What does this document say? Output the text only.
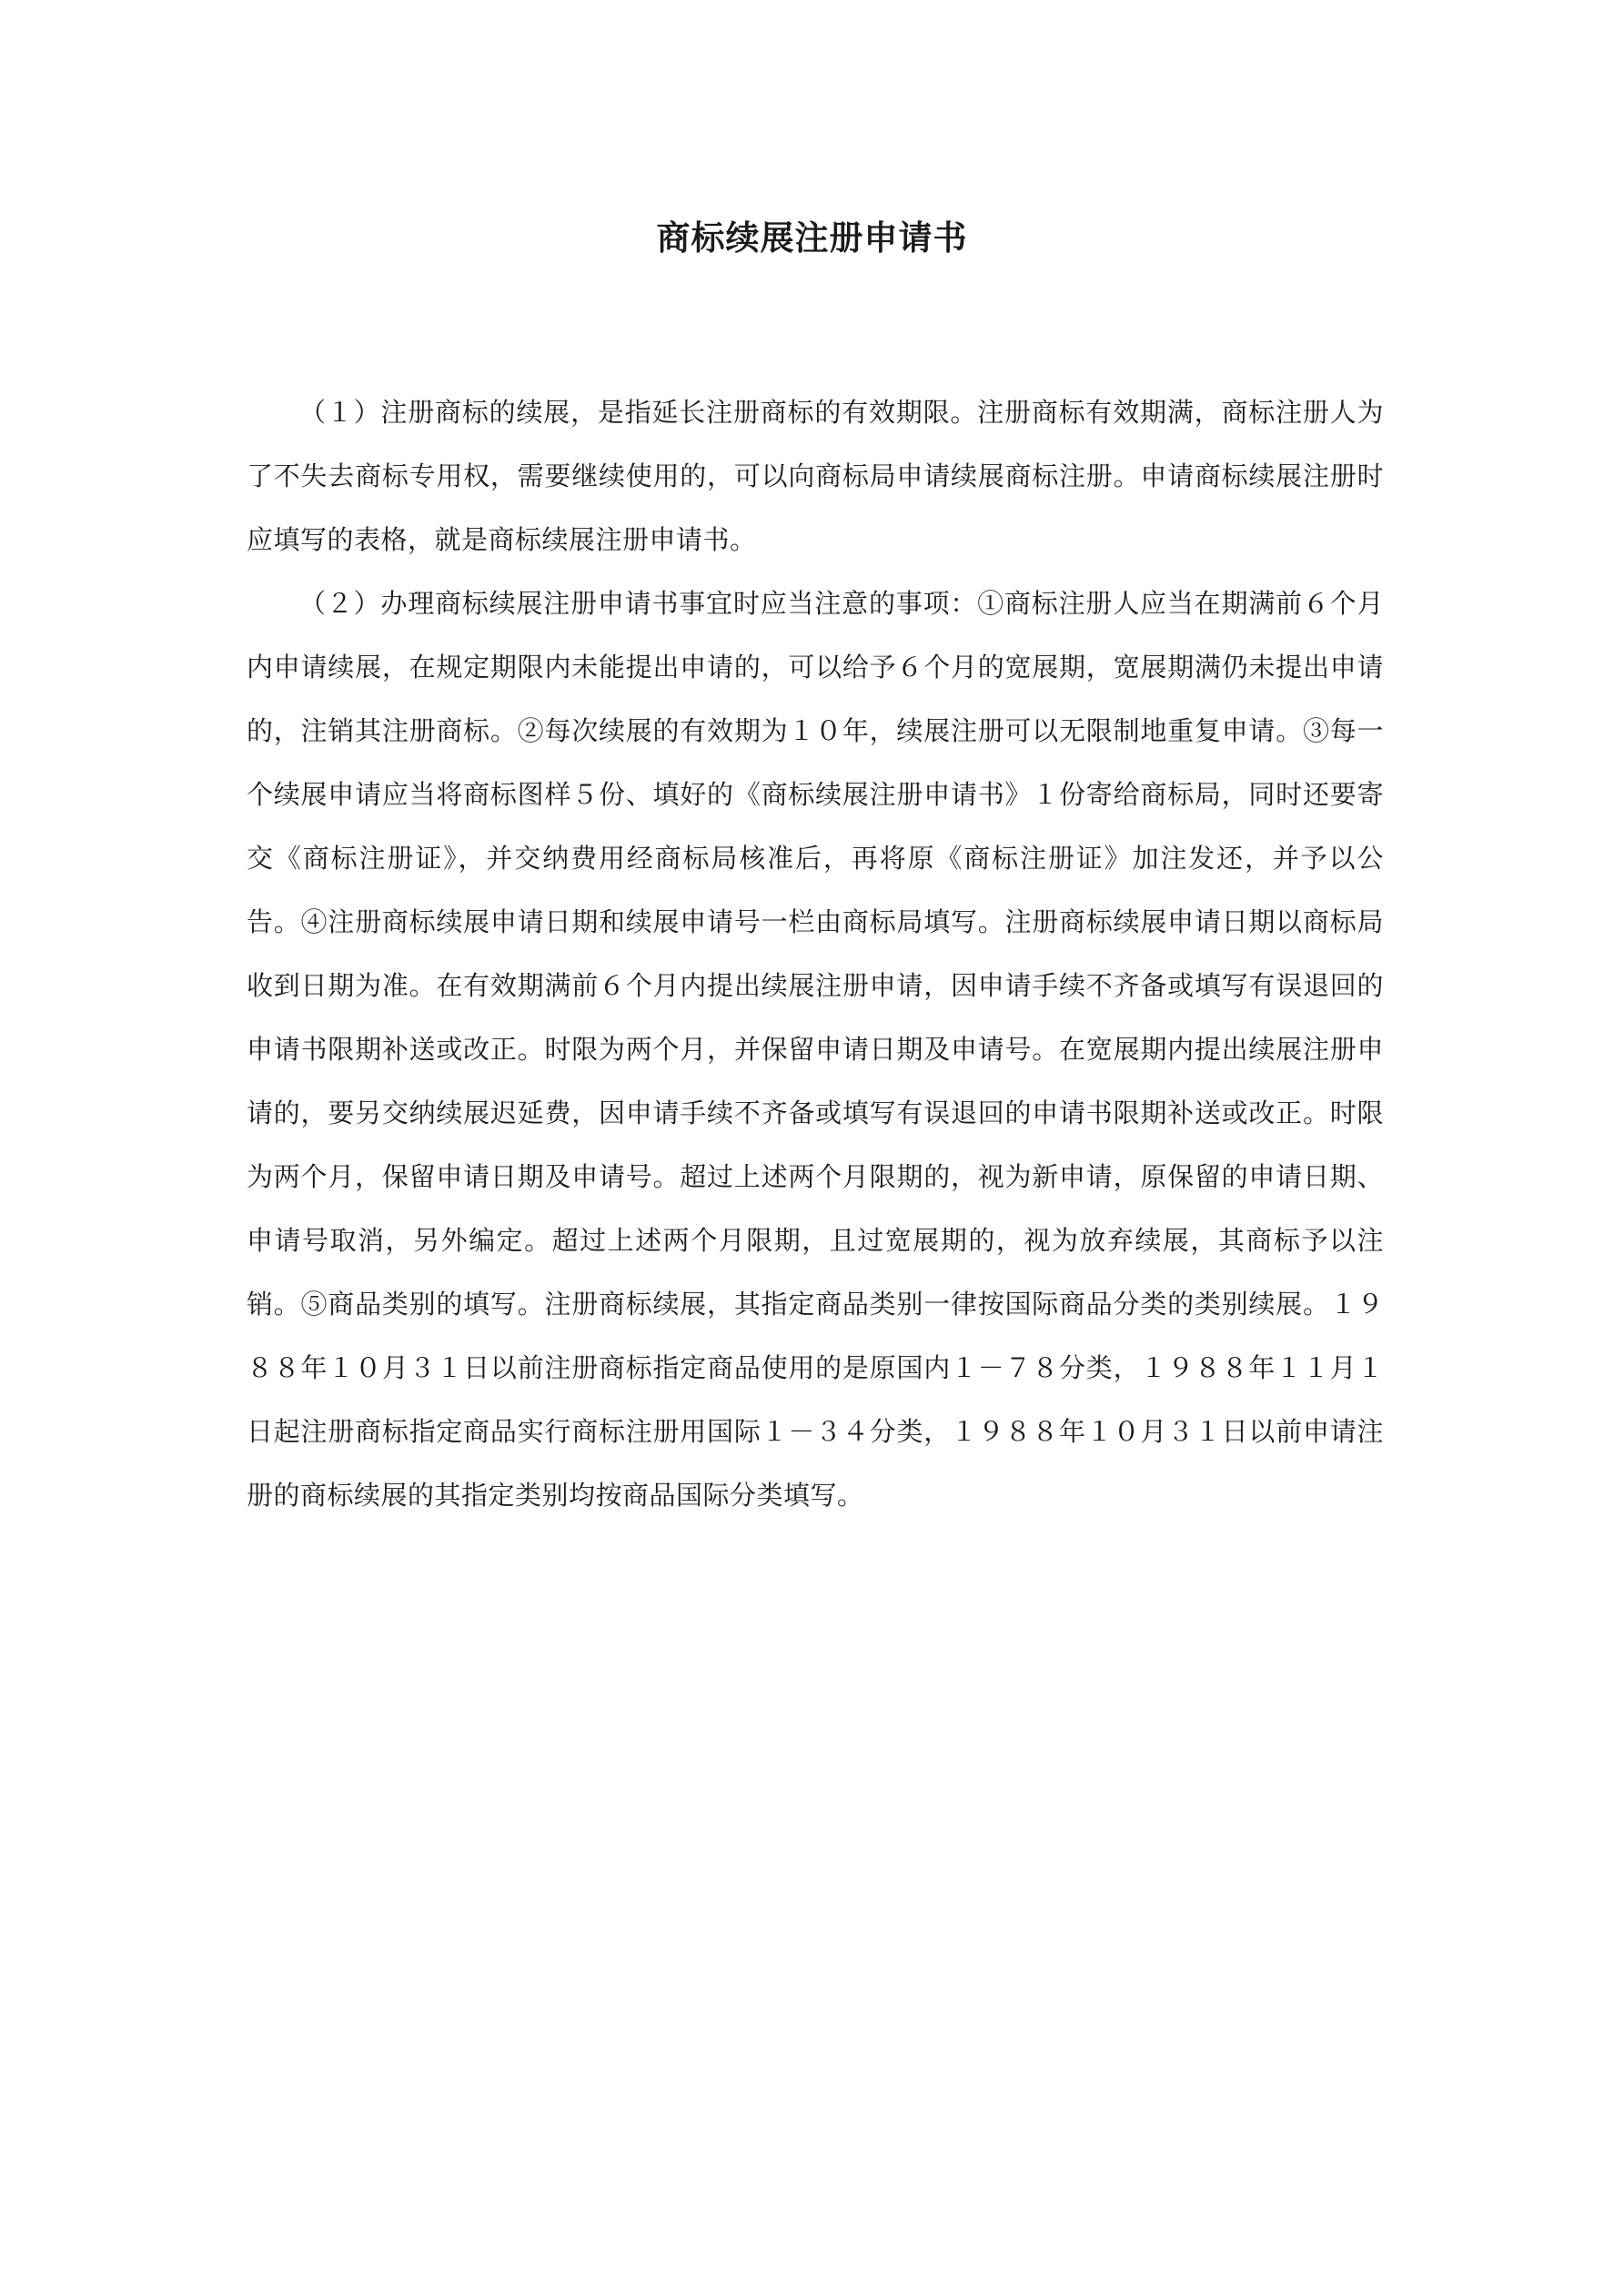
商标续展注册申请书

（１）注册商标的续展，是指延长注册商标的有效期限。注册商标有效期满，商标注册人为了不失去商标专用权，需要继续使用的，可以向商标局申请续展商标注册。申请商标续展注册时应填写的表格，就是商标续展注册申请书。

（２）办理商标续展注册申请书事宜时应当注意的事项：①商标注册人应当在期满前６个月内申请续展，在规定期限内未能提出申请的，可以给予６个月的宽展期，宽展期满仍未提出申请的，注销其注册商标。②每次续展的有效期为１０年，续展注册可以无限制地重复申请。③每一个续展申请应当将商标图样５份、填好的《商标续展注册申请书》１份寄给商标局，同时还要寄交《商标注册证》，并交纳费用经商标局核准后，再将原《商标注册证》加注发还，并予以公告。④注册商标续展申请日期和续展申请号一栏由商标局填写。注册商标续展申请日期以商标局收到日期为准。在有效期满前６个月内提出续展注册申请，因申请手续不齐备或填写有误退回的申请书限期补送或改正。时限为两个月，并保留申请日期及申请号。在宽展期内提出续展注册申请的，要另交纳续展迟延费，因申请手续不齐备或填写有误退回的申请书限期补送或改正。时限为两个月，保留申请日期及申请号。超过上述两个月限期的，视为新申请，原保留的申请日期、申请号取消，另外编定。超过上述两个月限期，且过宽展期的，视为放弃续展，其商标予以注销。⑤商品类别的填写。注册商标续展，其指定商品类别一律按国际商品分类的类别续展。１９８８年１０月３１日以前注册商标指定商品使用的是原国内１－７８分类，１９８８年１１月１日起注册商标指定商品实行商标注册用国际１－３４分类，１９８８年１０月３１日以前申请注册的商标续展的其指定类别均按商品国际分类填写。
